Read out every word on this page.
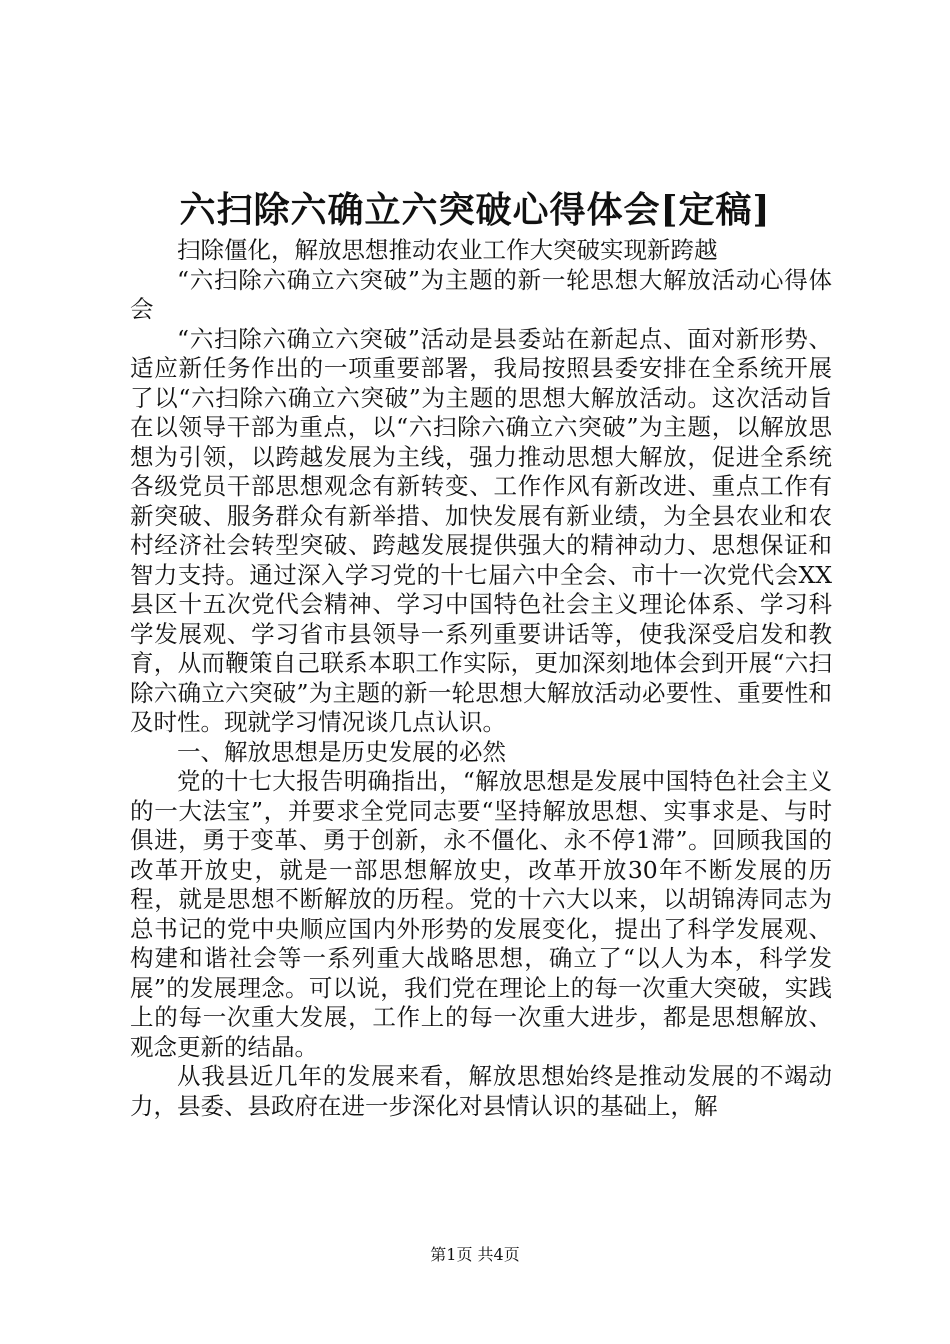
六扫除六确立六突破心得体会[定稿]

扫除僵化，解放思想推动农业工作大突破实现新跨越

“六扫除六确立六突破”为主题的新一轮思想大解放活动心得体会

“六扫除六确立六突破”活动是县委站在新起点、面对新形势、适应新任务作出的一项重要部署，我局按照县委安排在全系统开展了以“六扫除六确立六突破”为主题的思想大解放活动。这次活动旨在以领导干部为重点，以“六扫除六确立六突破”为主题，以解放思想为引领，以跨越发展为主线，强力推动思想大解放，促进全系统各级党员干部思想观念有新转变、工作作风有新改进、重点工作有新突破、服务群众有新举措、加快发展有新业绩，为全县农业和农村经济社会转型突破、跨越发展提供强大的精神动力、思想保证和智力支持。通过深入学习党的十七届六中全会、市十一次党代会XX县区十五次党代会精神、学习中国特色社会主义理论体系、学习科学发展观、学习省市县领导一系列重要讲话等，使我深受启发和教育，从而鞭策自己联系本职工作实际，更加深刻地体会到开展“六扫除六确立六突破”为主题的新一轮思想大解放活动必要性、重要性和及时性。现就学习情况谈几点认识。

一、解放思想是历史发展的必然

党的十七大报告明确指出，“解放思想是发展中国特色社会主义的一大法宝”，并要求全党同志要“坚持解放思想、实事求是、与时俱进，勇于变革、勇于创新，永不僵化、永不停1滞”。回顾我国的改革开放史，就是一部思想解放史，改革开放30年不断发展的历程，就是思想不断解放的历程。党的十六大以来，以胡锦涛同志为总书记的党中央顺应国内外形势的发展变化，提出了科学发展观、构建和谐社会等一系列重大战略思想，确立了“以人为本，科学发展”的发展理念。可以说，我们党在理论上的每一次重大突破，实践上的每一次重大发展，工作上的每一次重大进步，都是思想解放、观念更新的结晶。

从我县近几年的发展来看，解放思想始终是推动发展的不竭动力，县委、县政府在进一步深化对县情认识的基础上，解

第1页 共4页
